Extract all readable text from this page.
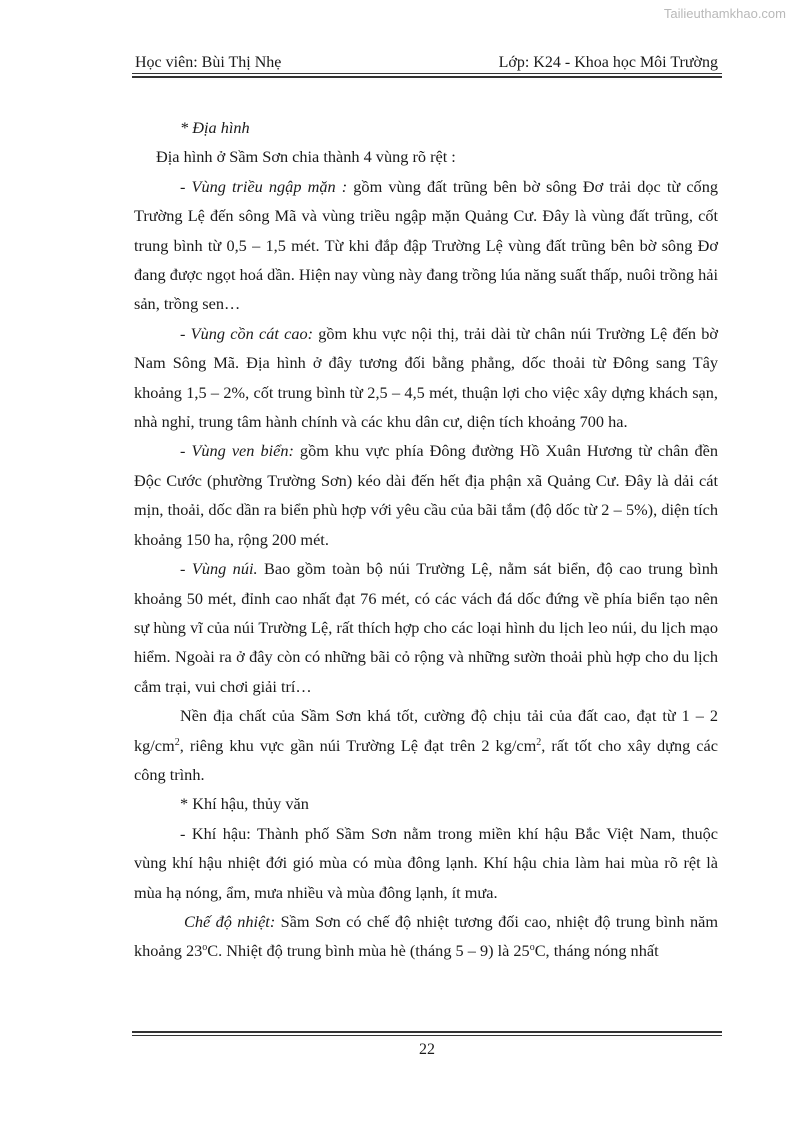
Tailieuthamkhao.com
Học viên: Bùi Thị Nhẹ	Lớp: K24 - Khoa học Môi Trường

* Địa hình

Địa hình ở Sầm Sơn chia thành 4 vùng rõ rệt :

- Vùng triều ngập mặn : gồm vùng đất trũng bên bờ sông Đơ trải dọc từ cống Trường Lệ đến sông Mã và vùng triều ngập mặn Quảng Cư. Đây là vùng đất trũng, cốt trung bình từ 0,5 – 1,5 mét. Từ khi đắp đập Trường Lệ vùng đất trũng bên bờ sông Đơ đang được ngọt hoá dần. Hiện nay vùng này đang trồng lúa năng suất thấp, nuôi trồng hải sản, trồng sen…

- Vùng cồn cát cao: gồm khu vực nội thị, trải dài từ chân núi Trường Lệ đến bờ Nam Sông Mã. Địa hình ở đây tương đối bằng phẳng, dốc thoải từ Đông sang Tây khoảng 1,5 – 2%, cốt trung bình từ 2,5 – 4,5 mét, thuận lợi cho việc xây dựng khách sạn, nhà nghỉ, trung tâm hành chính và các khu dân cư, diện tích khoảng 700 ha.

- Vùng ven biển: gồm khu vực phía Đông đường Hồ Xuân Hương từ chân đền Độc Cước (phường Trường Sơn) kéo dài đến hết địa phận xã Quảng Cư. Đây là dải cát mịn, thoải, dốc dần ra biển phù hợp với yêu cầu của bãi tắm (độ dốc từ 2 – 5%), diện tích khoảng 150 ha, rộng 200 mét.

- Vùng núi. Bao gồm toàn bộ núi Trường Lệ, nằm sát biển, độ cao trung bình khoảng 50 mét, đỉnh cao nhất đạt 76 mét, có các vách đá dốc đứng về phía biển tạo nên sự hùng vĩ của núi Trường Lệ, rất thích hợp cho các loại hình du lịch leo núi, du lịch mạo hiểm. Ngoài ra ở đây còn có những bãi cỏ rộng và những sườn thoải phù hợp cho du lịch cắm trại, vui chơi giải trí…

Nền địa chất của Sầm Sơn khá tốt, cường độ chịu tải của đất cao, đạt từ 1 – 2 $kg/cm^2$, riêng khu vực gần núi Trường Lệ đạt trên 2 $kg/cm^2$, rất tốt cho xây dựng các công trình.

* Khí hậu, thủy văn

- Khí hậu: Thành phố Sầm Sơn nằm trong miền khí hậu Bắc Việt Nam, thuộc vùng khí hậu nhiệt đới gió mùa có mùa đông lạnh. Khí hậu chia làm hai mùa rõ rệt là mùa hạ nóng, ẩm, mưa nhiều và mùa đông lạnh, ít mưa.

Chế độ nhiệt: Sầm Sơn có chế độ nhiệt tương đối cao, nhiệt độ trung bình năm khoảng 23$^o$C. Nhiệt độ trung bình mùa hè (tháng 5 – 9) là 25$^o$C, tháng nóng nhất

22
